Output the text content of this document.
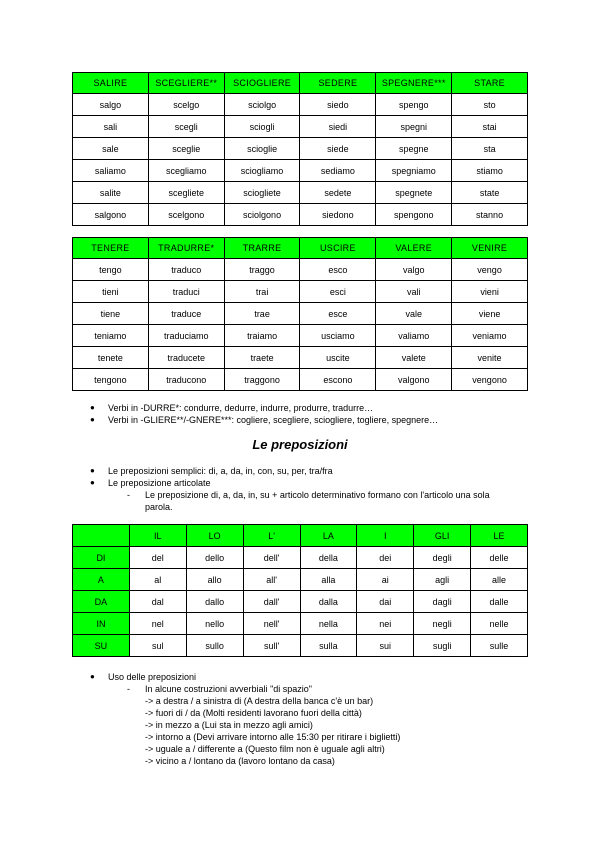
SALIRE	SCEGLIERE**	SCIOGLIERE	SEDERE	SPEGNERE***	STARE
salgo	scelgo	sciolgo	siedo	spengo	sto
sali	scegli	sciogli	siedi	spegni	stai
sale	sceglie	scioglie	siede	spegne	sta
saliamo	scegliamo	sciogliamo	sediamo	spegniamo	stiamo
salite	scegliete	sciogliete	sedete	spegnete	state
salgono	scelgono	sciolgono	siedono	spengono	stanno
TENERE	TRADURRE*	TRARRE	USCIRE	VALERE	VENIRE
tengo	traduco	traggo	esco	valgo	vengo
tieni	traduci	trai	esci	vali	vieni
tiene	traduce	trae	esce	vale	viene
teniamo	traduciamo	traiamo	usciamo	valiamo	veniamo
tenete	traducete	traete	uscite	valete	venite
tengono	traducono	traggono	escono	valgono	vengono
● Verbi in -DURRE*: condurre, dedurre, indurre, produrre, tradurre…
● Verbi in -GLIERE**/-GNERE***: cogliere, scegliere, sciogliere, togliere, spegnere…
Le preposizioni
● Le preposizioni semplici: di, a, da, in, con, su, per, tra/fra
● Le preposizione articolate
- Le preposizione di, a, da, in, su + articolo determinativo formano con l'articolo una sola parola.
	IL	LO	L'	LA	I	GLI	LE
DI	del	dello	dell'	della	dei	degli	delle
A	al	allo	all'	alla	ai	agli	alle
DA	dal	dallo	dall'	dalla	dai	dagli	dalle
IN	nel	nello	nell'	nella	nei	negli	nelle
SU	sul	sullo	sull'	sulla	sui	sugli	sulle
● Uso delle preposizioni
- In alcune costruzioni avverbiali "di spazio"
-> a destra / a sinistra di (A destra della banca c'è un bar)
-> fuori di / da (Molti residenti lavorano fuori della città)
-> in mezzo a (Lui sta in mezzo agli amici)
-> intorno a (Devi arrivare intorno alle 15:30 per ritirare i biglietti)
-> uguale a / differente a (Questo film non è uguale agli altri)
-> vicino a / lontano da (lavoro lontano da casa)
